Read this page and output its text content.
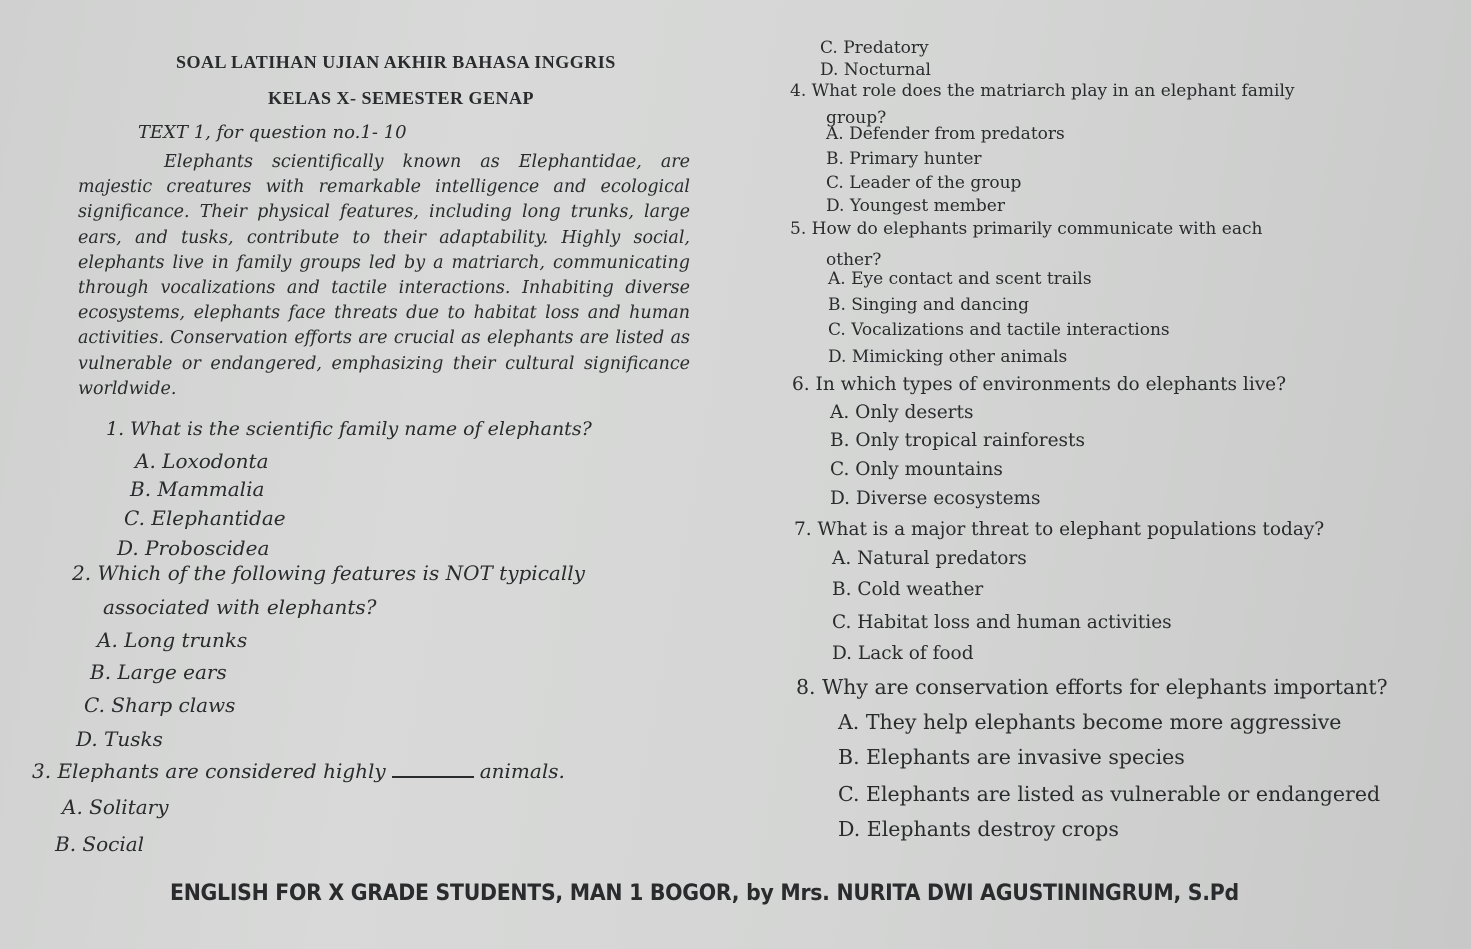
SOAL LATIHAN UJIAN AKHIR BAHASA INGGRIS
KELAS X- SEMESTER GENAP
TEXT 1, for question no.1- 10
Elephants scientifically known as Elephantidae, are majestic creatures with remarkable intelligence and ecological significance. Their physical features, including long trunks, large ears, and tusks, contribute to their adaptability. Highly social, elephants live in family groups led by a matriarch, communicating through vocalizations and tactile interactions. Inhabiting diverse ecosystems, elephants face threats due to habitat loss and human activities. Conservation efforts are crucial as elephants are listed as vulnerable or endangered, emphasizing their cultural significance worldwide.
1. What is the scientific family name of elephants?
A. Loxodonta
B. Mammalia
C. Elephantidae
D. Proboscidea
2. Which of the following features is NOT typically
associated with elephants?
A. Long trunks
B. Large ears
C. Sharp claws
D. Tusks
3. Elephants are considered highly	animals.
A. Solitary
B. Social
C. Predatory
D. Nocturnal
4. What role does the matriarch play in an elephant family
group?
A. Defender from predators
B. Primary hunter
C. Leader of the group
D. Youngest member
5. How do elephants primarily communicate with each
other?
A. Eye contact and scent trails
B. Singing and dancing
C. Vocalizations and tactile interactions
D. Mimicking other animals
6. In which types of environments do elephants live?
A. Only deserts
B. Only tropical rainforests
C. Only mountains
D. Diverse ecosystems
7. What is a major threat to elephant populations today?
A. Natural predators
B. Cold weather
C. Habitat loss and human activities
D. Lack of food
8. Why are conservation efforts for elephants important?
A. They help elephants become more aggressive
B. Elephants are invasive species
C. Elephants are listed as vulnerable or endangered
D. Elephants destroy crops
ENGLISH FOR X GRADE STUDENTS, MAN 1 BOGOR, by Mrs. NURITA DWI AGUSTININGRUM, S.Pd
